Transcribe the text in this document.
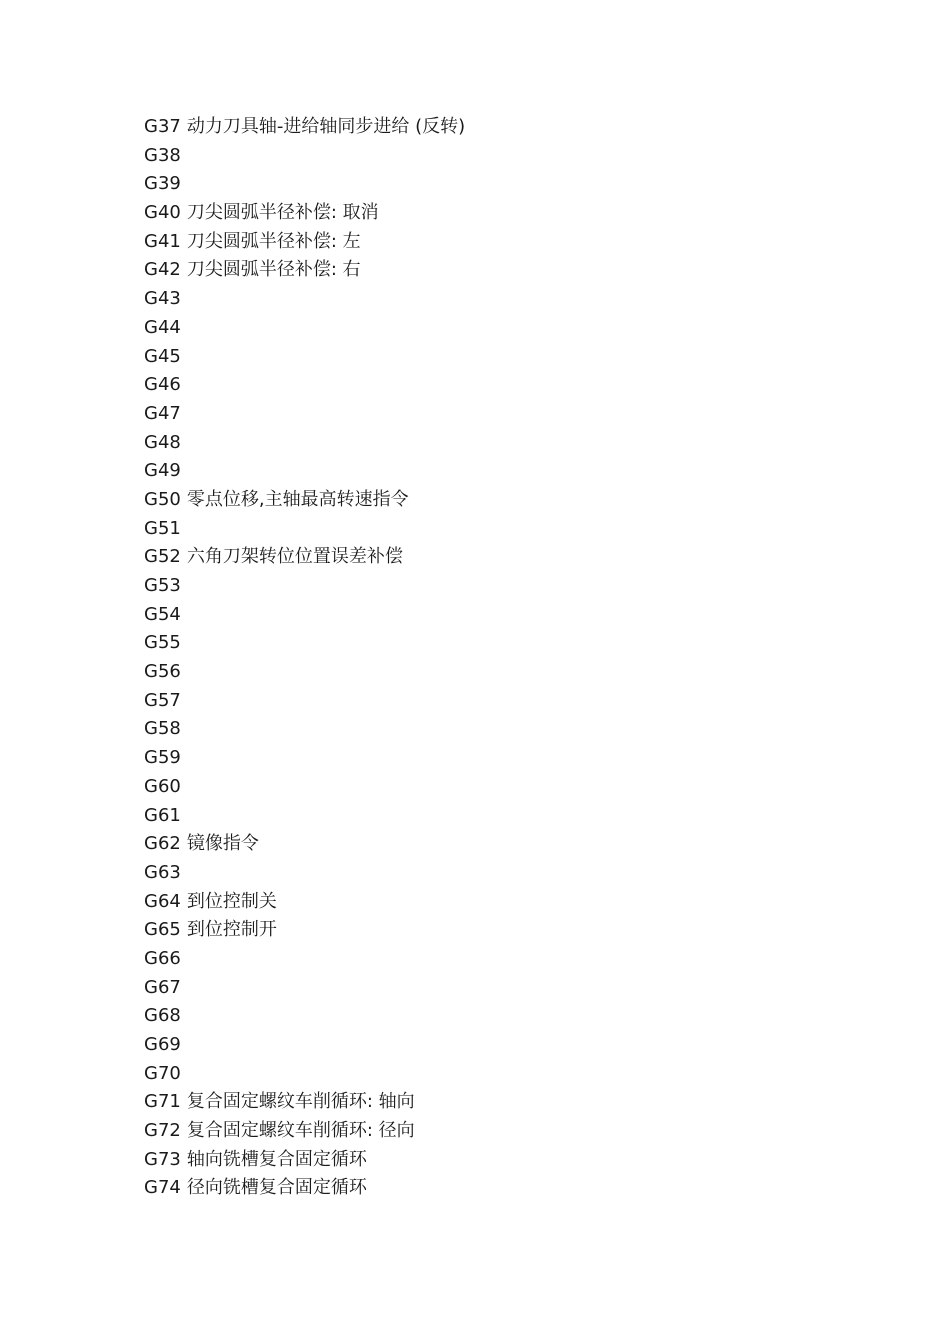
G37 动力刀具轴-进给轴同步进给 (反转)
G38
G39
G40 刀尖圆弧半径补偿: 取消
G41 刀尖圆弧半径补偿: 左
G42 刀尖圆弧半径补偿: 右
G43
G44
G45
G46
G47
G48
G49
G50 零点位移,主轴最高转速指令
G51
G52 六角刀架转位位置误差补偿
G53
G54
G55
G56
G57
G58
G59
G60
G61
G62 镜像指令
G63
G64 到位控制关
G65 到位控制开
G66
G67
G68
G69
G70
G71 复合固定螺纹车削循环: 轴向
G72 复合固定螺纹车削循环: 径向
G73 轴向铣槽复合固定循环
G74 径向铣槽复合固定循环
